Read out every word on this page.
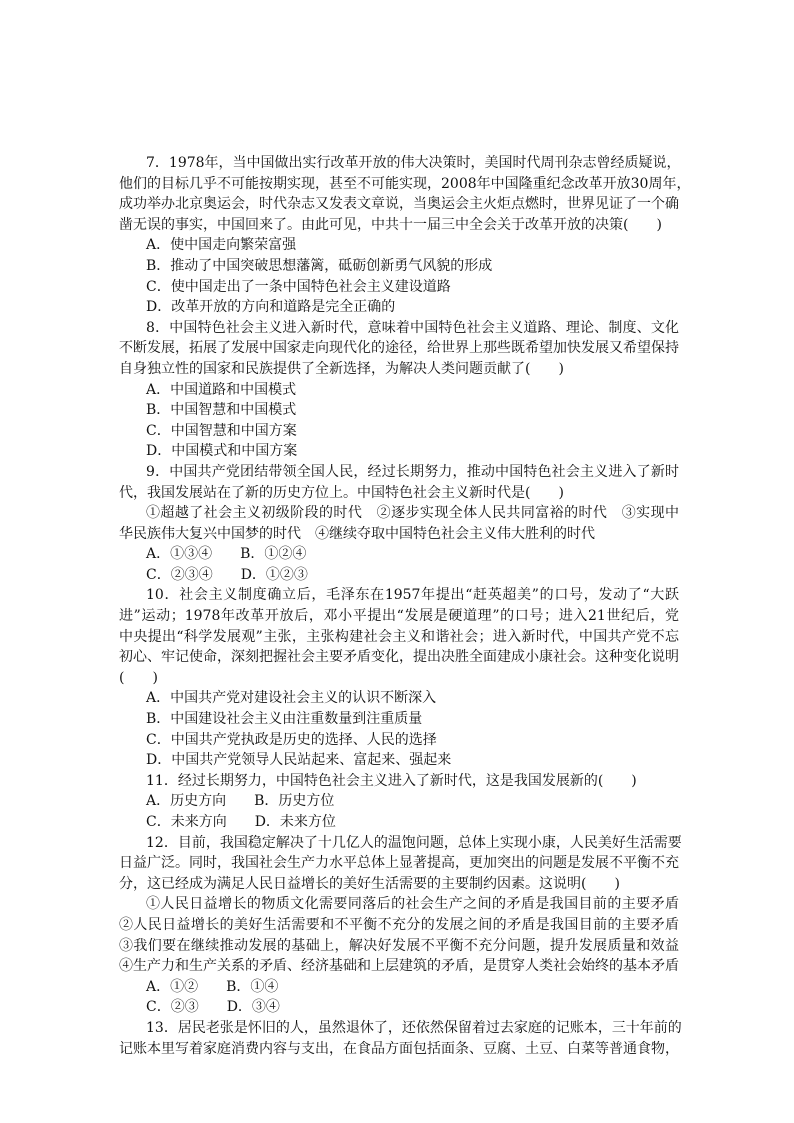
7．1978年，当中国做出实行改革开放的伟大决策时，美国时代周刊杂志曾经质疑说，
他们的目标几乎不可能按期实现，甚至不可能实现，2008年中国隆重纪念改革开放30周年，
成功举办北京奥运会，时代杂志又发表文章说，当奥运会主火炬点燃时，世界见证了一个确
凿无误的事实，中国回来了。由此可见，中共十一届三中全会关于改革开放的决策(　　)
A．使中国走向繁荣富强
B．推动了中国突破思想藩篱，砥砺创新勇气风貌的形成
C．使中国走出了一条中国特色社会主义建设道路
D．改革开放的方向和道路是完全正确的
8．中国特色社会主义进入新时代，意味着中国特色社会主义道路、理论、制度、文化
不断发展，拓展了发展中国家走向现代化的途径，给世界上那些既希望加快发展又希望保持
自身独立性的国家和民族提供了全新选择，为解决人类问题贡献了(　　)
A．中国道路和中国模式
B．中国智慧和中国模式
C．中国智慧和中国方案
D．中国模式和中国方案
9．中国共产党团结带领全国人民，经过长期努力，推动中国特色社会主义进入了新时
代，我国发展站在了新的历史方位上。中国特色社会主义新时代是(　　)
①超越了社会主义初级阶段的时代　②逐步实现全体人民共同富裕的时代　③实现中
华民族伟大复兴中国梦的时代　④继续夺取中国特色社会主义伟大胜利的时代
A．①③④　　B．①②④
C．②③④　　D．①②③
10．社会主义制度确立后，毛泽东在1957年提出“赶英超美”的口号，发动了“大跃
进”运动；1978年改革开放后，邓小平提出“发展是硬道理”的口号；进入21世纪后，党
中央提出“科学发展观”主张，主张构建社会主义和谐社会；进入新时代，中国共产党不忘
初心、牢记使命，深刻把握社会主要矛盾变化，提出决胜全面建成小康社会。这种变化说明
(　　)
A．中国共产党对建设社会主义的认识不断深入
B．中国建设社会主义由注重数量到注重质量
C．中国共产党执政是历史的选择、人民的选择
D．中国共产党领导人民站起来、富起来、强起来
11．经过长期努力，中国特色社会主义进入了新时代，这是我国发展新的(　　)
A．历史方向　　B．历史方位
C．未来方向　　D．未来方位
12．目前，我国稳定解决了十几亿人的温饱问题，总体上实现小康，人民美好生活需要
日益广泛。同时，我国社会生产力水平总体上显著提高，更加突出的问题是发展不平衡不充
分，这已经成为满足人民日益增长的美好生活需要的主要制约因素。这说明(　　)
①人民日益增长的物质文化需要同落后的社会生产之间的矛盾是我国目前的主要矛盾
②人民日益增长的美好生活需要和不平衡不充分的发展之间的矛盾是我国目前的主要矛盾
③我们要在继续推动发展的基础上，解决好发展不平衡不充分问题，提升发展质量和效益
④生产力和生产关系的矛盾、经济基础和上层建筑的矛盾，是贯穿人类社会始终的基本矛盾
A．①②　　B．①④
C．②③　　D．③④
13．居民老张是怀旧的人，虽然退休了，还依然保留着过去家庭的记账本，三十年前的
记账本里写着家庭消费内容与支出，在食品方面包括面条、豆腐、土豆、白菜等普通食物，
